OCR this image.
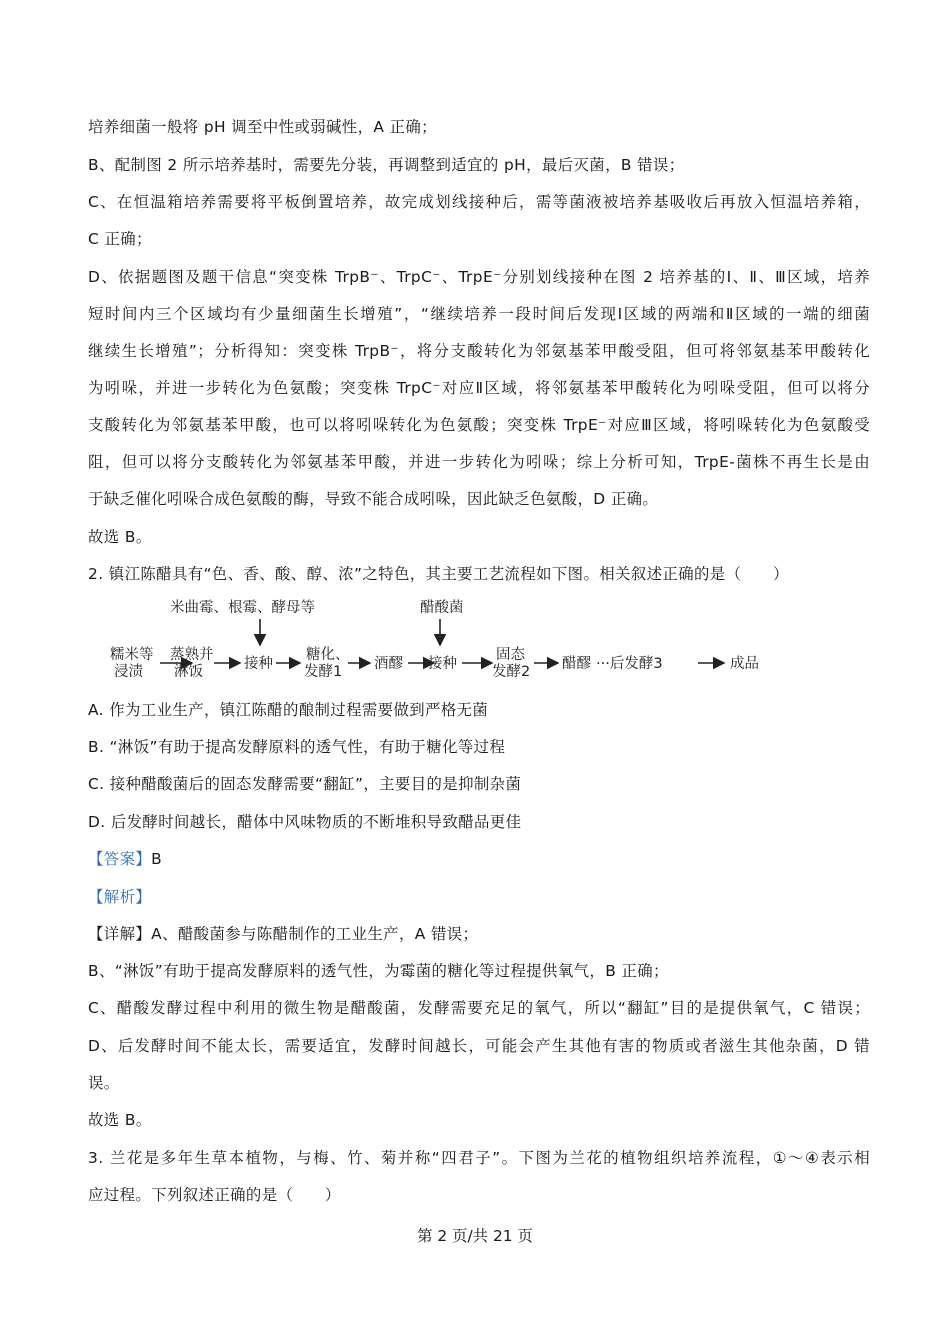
培养细菌一般将 pH 调至中性或弱碱性，A 正确；
B、配制图 2 所示培养基时，需要先分装，再调整到适宜的 pH，最后灭菌，B 错误；
C、在恒温箱培养需要将平板倒置培养，故完成划线接种后，需等菌液被培养基吸收后再放入恒温培养箱，
C 正确；
D、依据题图及题干信息“突变株 TrpB⁻、TrpC⁻、TrpE⁻分别划线接种在图 2 培养基的Ⅰ、Ⅱ、Ⅲ区域，培养
短时间内三个区域均有少量细菌生长增殖”，“继续培养一段时间后发现Ⅰ区域的两端和Ⅱ区域的一端的细菌
继续生长增殖”；分析得知：突变株 TrpB⁻，将分支酸转化为邻氨基苯甲酸受阻，但可将邻氨基苯甲酸转化
为吲哚，并进一步转化为色氨酸；突变株 TrpC⁻对应Ⅱ区域，将邻氨基苯甲酸转化为吲哚受阻，但可以将分
支酸转化为邻氨基苯甲酸，也可以将吲哚转化为色氨酸；突变株 TrpE⁻对应Ⅲ区域，将吲哚转化为色氨酸受
阻，但可以将分支酸转化为邻氨基苯甲酸，并进一步转化为吲哚；综上分析可知，TrpE-菌株不再生长是由
于缺乏催化吲哚合成色氨酸的酶，导致不能合成吲哚，因此缺乏色氨酸，D 正确。
故选 B。
2. 镇江陈醋具有“色、香、酸、醇、浓”之特色，其主要工艺流程如下图。相关叙述正确的是（　　）
米曲霉、根霉、酵母等	醋酸菌
糯米等
浸渍
蒸熟并
淋饭	接种
糖化、
发酵1 酒醪 接种
固态
发酵2 醋醪 ···后发酵3	成品
A. 作为工业生产，镇江陈醋的酿制过程需要做到严格无菌
B. “淋饭”有助于提高发酵原料的透气性，有助于糖化等过程
C. 接种醋酸菌后的固态发酵需要“翻缸”，主要目的是抑制杂菌
D. 后发酵时间越长，醋体中风味物质的不断堆积导致醋品更佳
【答案】B
【解析】
【详解】A、醋酸菌参与陈醋制作的工业生产，A 错误；
B、“淋饭”有助于提高发酵原料的透气性，为霉菌的糖化等过程提供氧气，B 正确；
C、醋酸发酵过程中利用的微生物是醋酸菌，发酵需要充足的氧气，所以“翻缸”目的是提供氧气，C 错误；
D、后发酵时间不能太长，需要适宜，发酵时间越长，可能会产生其他有害的物质或者滋生其他杂菌，D 错
误。
故选 B。
3. 兰花是多年生草本植物，与梅、竹、菊并称“四君子”。下图为兰花的植物组织培养流程，①～④表示相
应过程。下列叙述正确的是（　　）
第 2 页/共 21 页
